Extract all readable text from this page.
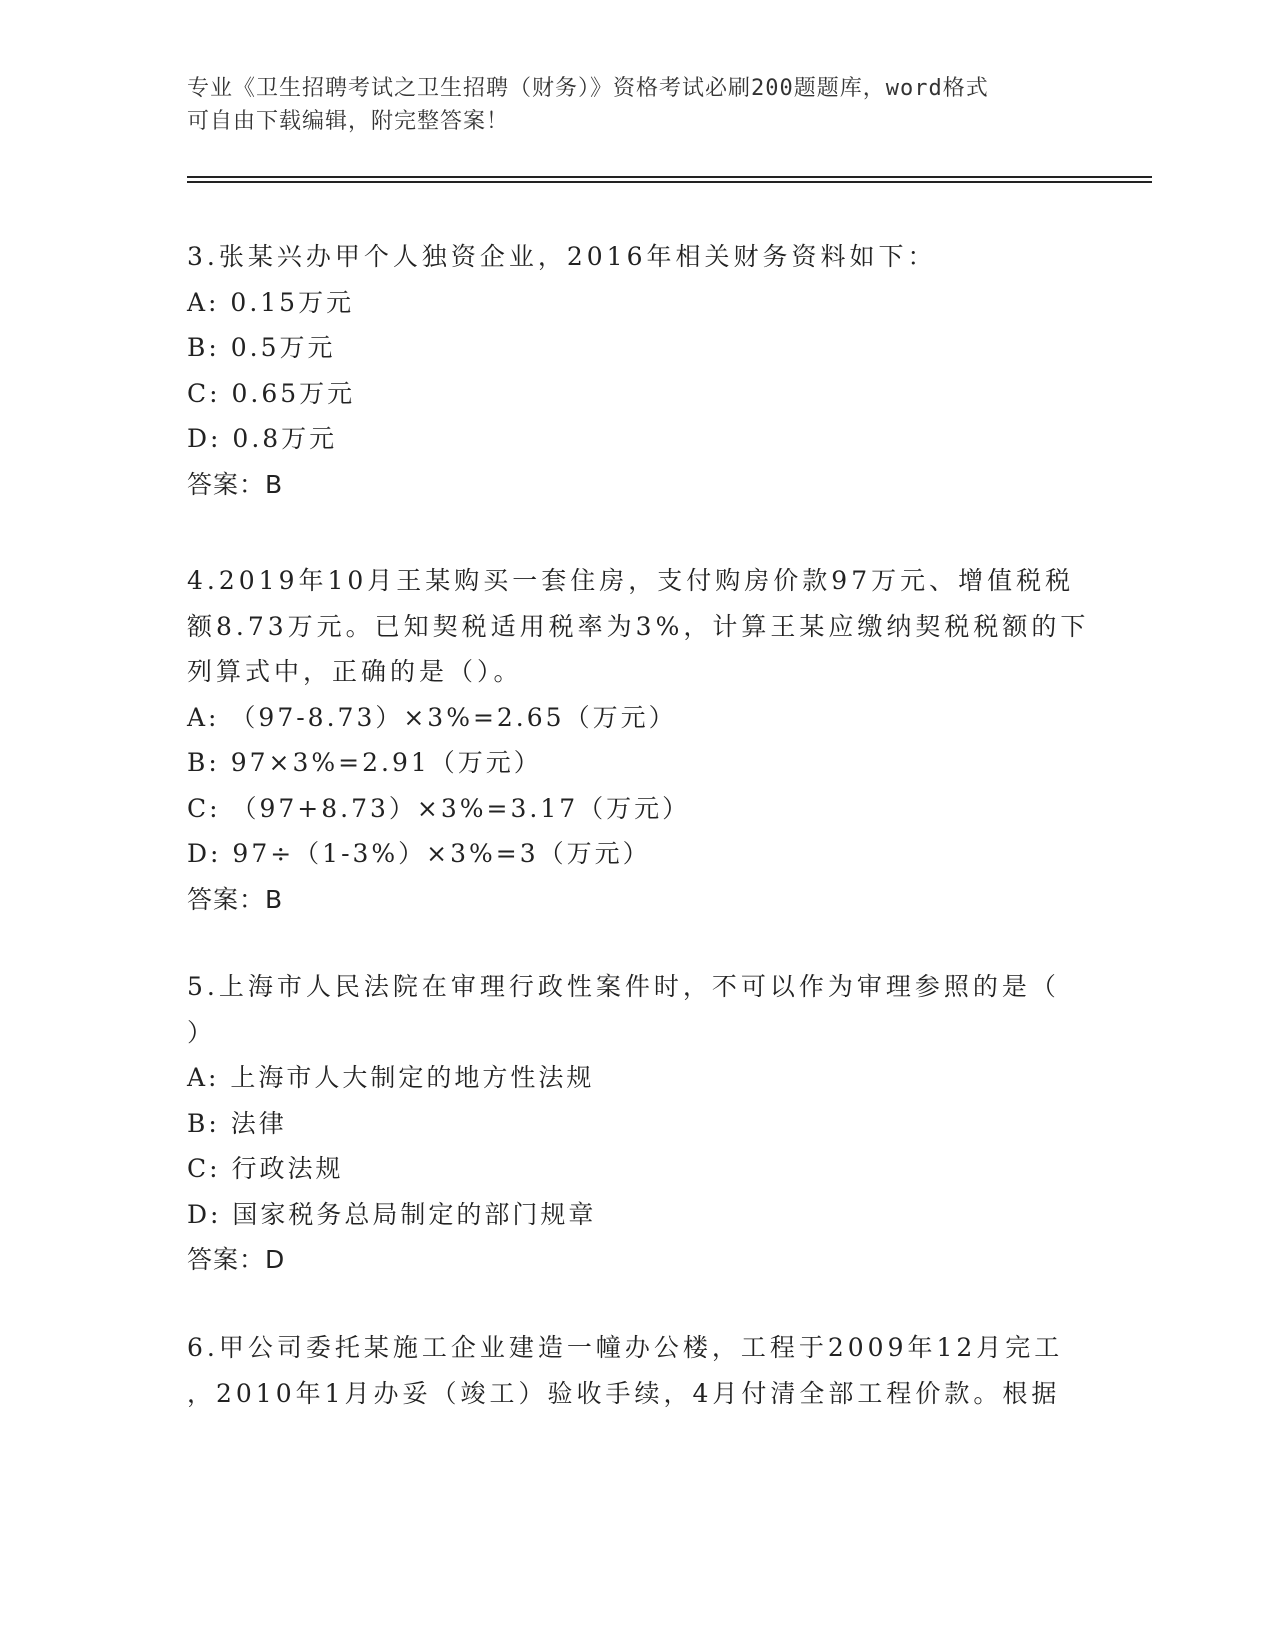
专业《卫生招聘考试之卫生招聘（财务）》资格考试必刷200题题库，word格式
可自由下载编辑，附完整答案！
3.张某兴办甲个人独资企业，2016年相关财务资料如下：
A: 0.15万元
B: 0.5万元
C: 0.65万元
D: 0.8万元
答案：B
4.2019年10月王某购买一套住房，支付购房价款97万元、增值税税
额8.73万元。已知契税适用税率为3%，计算王某应缴纳契税税额的下
列算式中，正确的是（）。
A: （97-8.73）×3%=2.65（万元）
B: 97×3%=2.91（万元）
C: （97+8.73）×3%=3.17（万元）
D: 97÷（1-3%）×3%=3（万元）
答案：B
5.上海市人民法院在审理行政性案件时，不可以作为审理参照的是（
）
A: 上海市人大制定的地方性法规
B: 法律
C: 行政法规
D: 国家税务总局制定的部门规章
答案：D
6.甲公司委托某施工企业建造一幢办公楼，工程于2009年12月完工
，2010年1月办妥（竣工）验收手续，4月付清全部工程价款。根据
